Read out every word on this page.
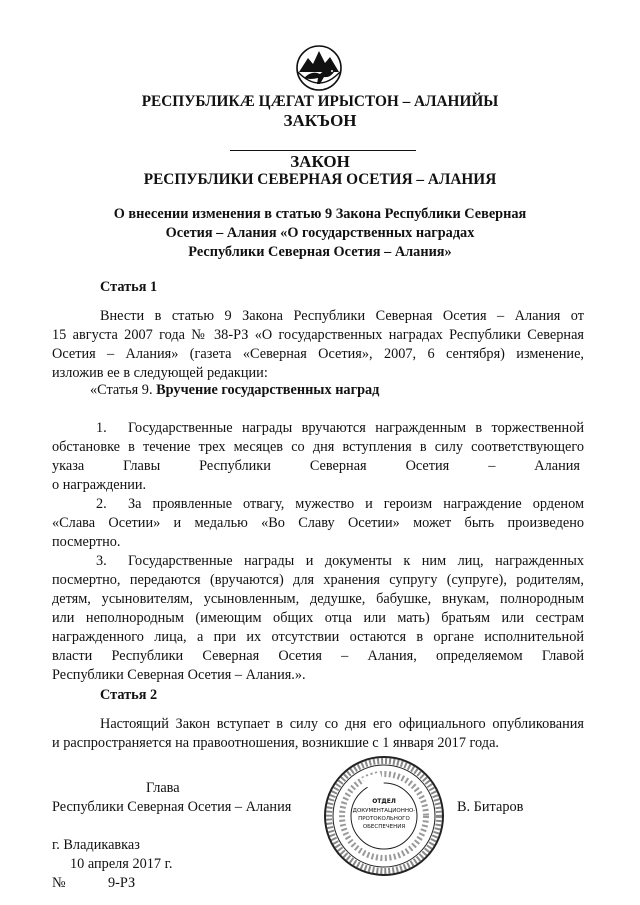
РЕСПУБЛИКÆ ЦÆГАТ ИРЫСТОН – АЛАНИЙЫ
ЗАКЪОН
ЗАКОН
РЕСПУБЛИКИ СЕВЕРНАЯ ОСЕТИЯ – АЛАНИЯ
О внесении изменения в статью 9 Закона Республики Северная
Осетия – Алания «О государственных наградах
Республики Северная Осетия – Алания»
Статья 1
Внести в статью 9 Закона Республики Северная Осетия – Алания от
15 августа 2007 года № 38-РЗ «О государственных наградах Республики Северная
Осетия – Алания» (газета «Северная Осетия», 2007, 6 сентября) изменение,
изложив ее в следующей редакции:
«Статья 9. Вручение государственных наград
1. Государственные награды вручаются награжденным в торжественной
обстановке в течение трех месяцев со дня вступления в силу соответствующего
указа Главы Республики Северная Осетия – Алания
о награждении.
2. За проявленные отвагу, мужество и героизм награждение орденом
«Слава Осетии» и медалью «Во Славу Осетии» может быть произведено
посмертно.
3. Государственные награды и документы к ним лиц, награжденных
посмертно, передаются (вручаются) для хранения супругу (супруге), родителям,
детям, усыновителям, усыновленным, дедушке, бабушке, внукам, полнородным
или неполнородным (имеющим общих отца или мать) братьям или сестрам
награжденного лица, а при их отсутствии остаются в органе исполнительной
власти Республики Северная Осетия – Алания, определяемом Главой
Республики Северная Осетия – Алания.».
Статья 2
Настоящий Закон вступает в силу со дня его официального опубликования
и распространяется на правоотношения, возникшие с 1 января 2017 года.
Глава
Республики Северная Осетия – Алания	В. Битаров
ОТДЕЛ
ДОКУМЕНТАЦИОННО-
ПРОТОКОЛЬНОГО
ОБЕСПЕЧЕНИЯ
г. Владикавказ
10 апреля 2017 г.
№	9-РЗ
